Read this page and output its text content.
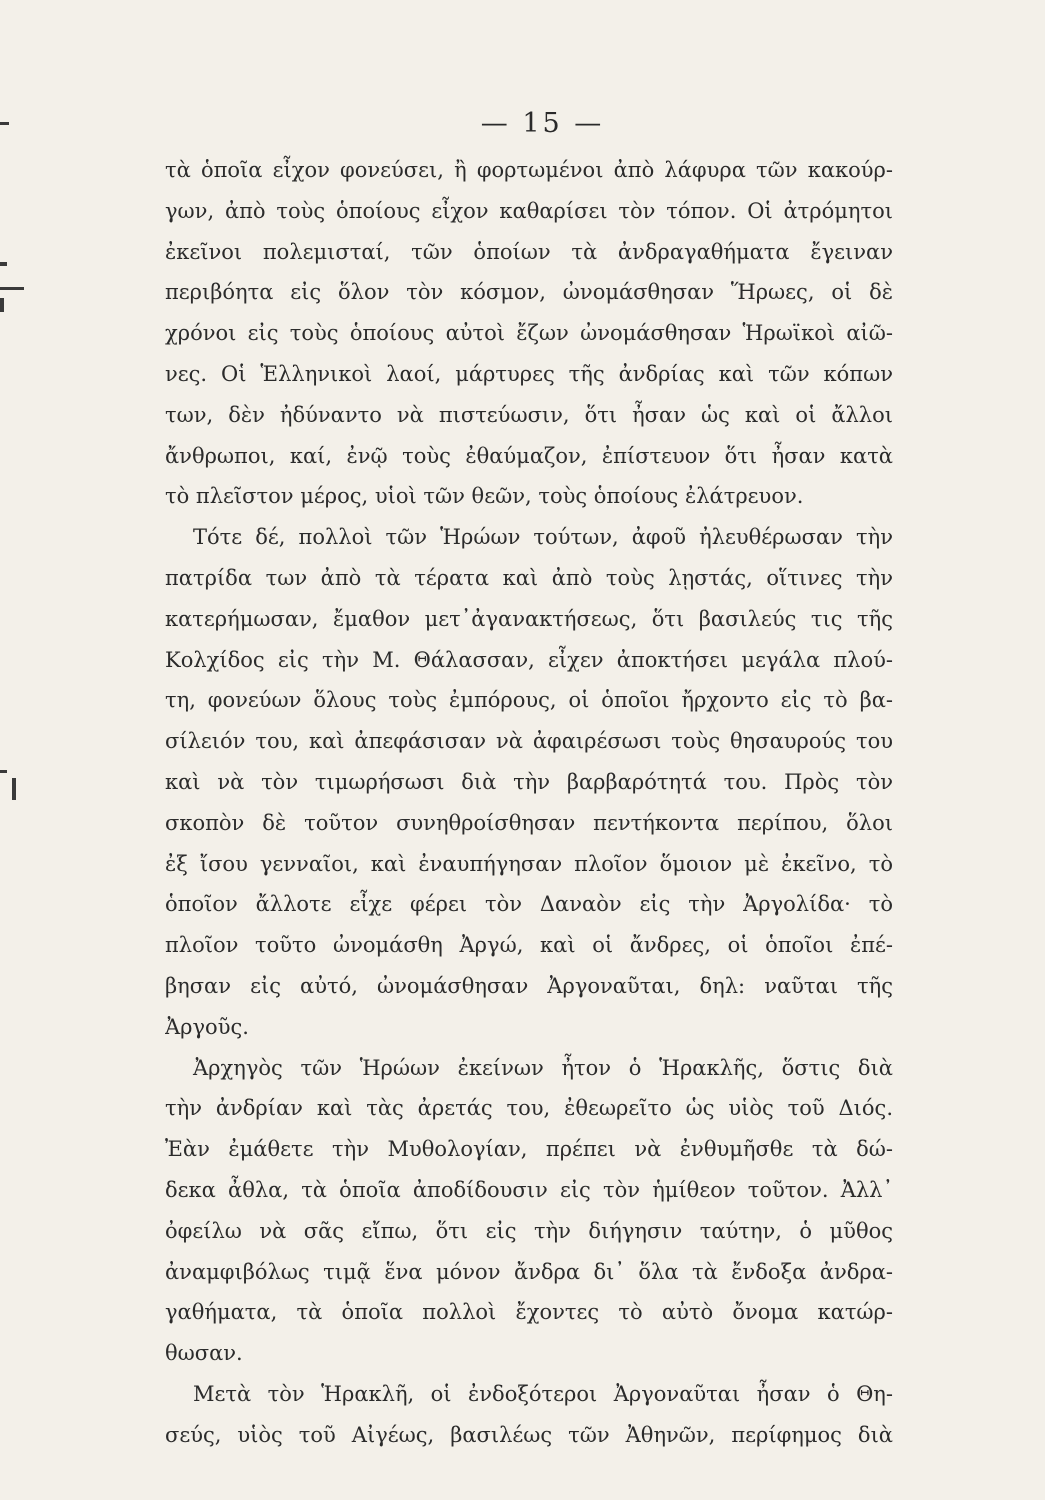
— 15 —
τὰ ὁποῖα εἶχον φονεύσει, ἢ φορτωμένοι ἀπὸ λάφυρα τῶν κακούρ-
γων, ἀπὸ τοὺς ὁποίους εἶχον καθαρίσει τὸν τόπον. Οἱ ἀτρόμητοι
ἐκεῖνοι πολεμισταί, τῶν ὁποίων τὰ ἀνδραγαθήματα ἔγειναν
περιβόητα εἰς ὅλον τὸν κόσμον, ὠνομάσθησαν Ἥρωες, οἱ δὲ
χρόνοι εἰς τοὺς ὁποίους αὐτοὶ ἔζων ὠνομάσθησαν Ἡρωϊκοὶ αἰῶ-
νες. Οἱ Ἑλληνικοὶ λαοί, μάρτυρες τῆς ἀνδρίας καὶ τῶν κόπων
των, δὲν ἠδύναντο νὰ πιστεύωσιν, ὅτι ἦσαν ὡς καὶ οἱ ἄλλοι
ἄνθρωποι, καί, ἐνῷ τοὺς ἐθαύμαζον, ἐπίστευον ὅτι ἦσαν κατὰ
τὸ πλεῖστον μέρος, υἱοὶ τῶν θεῶν, τοὺς ὁποίους ἐλάτρευον.
Τότε δέ, πολλοὶ τῶν Ἡρώων τούτων, ἀφοῦ ἠλευθέρωσαν τὴν
πατρίδα των ἀπὸ τὰ τέρατα καὶ ἀπὸ τοὺς λῃστάς, οἵτινες τὴν
κατερήμωσαν, ἔμαθον μετ᾽ἀγανακτήσεως, ὅτι βασιλεύς τις τῆς
Κολχίδος εἰς τὴν Μ. Θάλασσαν, εἶχεν ἀποκτήσει μεγάλα πλού-
τη, φονεύων ὅλους τοὺς ἐμπόρους, οἱ ὁποῖοι ἤρχοντο εἰς τὸ βα-
σίλειόν του, καὶ ἀπεφάσισαν νὰ ἀφαιρέσωσι τοὺς θησαυρούς του
καὶ νὰ τὸν τιμωρήσωσι διὰ τὴν βαρβαρότητά του. Πρὸς τὸν
σκοπὸν δὲ τοῦτον συνηθροίσθησαν πεντήκοντα περίπου, ὅλοι
ἐξ ἴσου γενναῖοι, καὶ ἐναυπήγησαν πλοῖον ὅμοιον μὲ ἐκεῖνο, τὸ
ὁποῖον ἄλλοτε εἶχε φέρει τὸν Δαναὸν εἰς τὴν Ἀργολίδα· τὸ
πλοῖον τοῦτο ὠνομάσθη Ἀργώ, καὶ οἱ ἄνδρες, οἱ ὁποῖοι ἐπέ-
βησαν εἰς αὐτό, ὠνομάσθησαν Ἀργοναῦται, δηλ: ναῦται τῆς
Ἀργοῦς.
Ἀρχηγὸς τῶν Ἡρώων ἐκείνων ἦτον ὁ Ἡρακλῆς, ὅστις διὰ
τὴν ἀνδρίαν καὶ τὰς ἀρετάς του, ἐθεωρεῖτο ὡς υἱὸς τοῦ Διός.
Ἐὰν ἐμάθετε τὴν Μυθολογίαν, πρέπει νὰ ἐνθυμῆσθε τὰ δώ-
δεκα ἆθλα, τὰ ὁποῖα ἀποδίδουσιν εἰς τὸν ἡμίθεον τοῦτον. Ἀλλ᾽
ὀφείλω νὰ σᾶς εἴπω, ὅτι εἰς τὴν διήγησιν ταύτην, ὁ μῦθος
ἀναμφιβόλως τιμᾷ ἕνα μόνον ἄνδρα δι᾽ ὅλα τὰ ἔνδοξα ἀνδρα-
γαθήματα, τὰ ὁποῖα πολλοὶ ἔχοντες τὸ αὐτὸ ὄνομα κατώρ-
θωσαν.
Μετὰ τὸν Ἡρακλῆ, οἱ ἐνδοξότεροι Ἀργοναῦται ἦσαν ὁ Θη-
σεύς, υἱὸς τοῦ Αἰγέως, βασιλέως τῶν Ἀθηνῶν, περίφημος διὰ
